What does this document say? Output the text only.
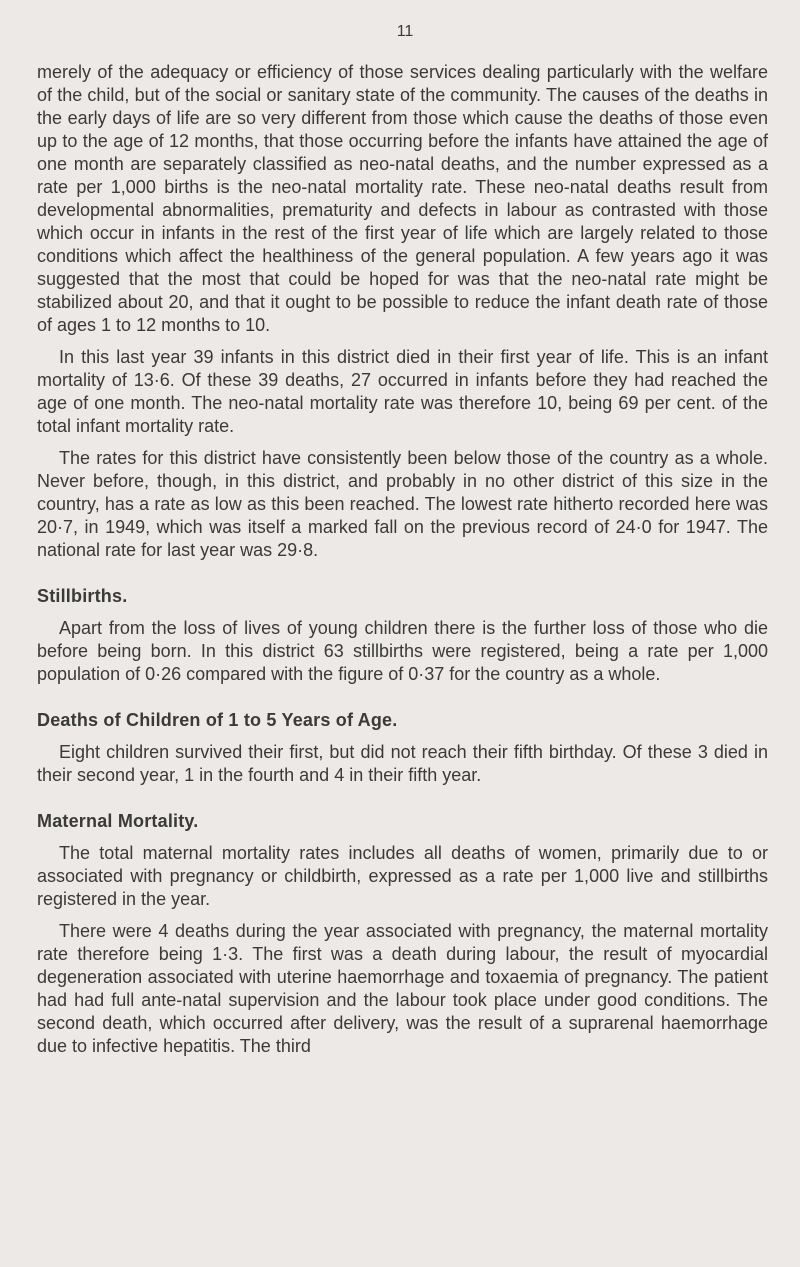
11

merely of the adequacy or efficiency of those services dealing particularly with the welfare of the child, but of the social or sanitary state of the community. The causes of the deaths in the early days of life are so very different from those which cause the deaths of those even up to the age of 12 months, that those occurring before the infants have attained the age of one month are separately classified as neo-natal deaths, and the number expressed as a rate per 1,000 births is the neo-natal mortality rate. These neo-natal deaths result from developmental abnormalities, prematurity and defects in labour as contrasted with those which occur in infants in the rest of the first year of life which are largely related to those conditions which affect the healthiness of the general population. A few years ago it was suggested that the most that could be hoped for was that the neo-natal rate might be stabilized about 20, and that it ought to be possible to reduce the infant death rate of those of ages 1 to 12 months to 10.

In this last year 39 infants in this district died in their first year of life. This is an infant mortality of 13·6. Of these 39 deaths, 27 occurred in infants before they had reached the age of one month. The neo-natal mortality rate was therefore 10, being 69 per cent. of the total infant mortality rate.

The rates for this district have consistently been below those of the country as a whole. Never before, though, in this district, and probably in no other district of this size in the country, has a rate as low as this been reached. The lowest rate hitherto recorded here was 20·7, in 1949, which was itself a marked fall on the previous record of 24·0 for 1947. The national rate for last year was 29·8.

Stillbirths.

Apart from the loss of lives of young children there is the further loss of those who die before being born. In this district 63 stillbirths were registered, being a rate per 1,000 population of 0·26 compared with the figure of 0·37 for the country as a whole.

Deaths of Children of 1 to 5 Years of Age.

Eight children survived their first, but did not reach their fifth birthday. Of these 3 died in their second year, 1 in the fourth and 4 in their fifth year.

Maternal Mortality.

The total maternal mortality rates includes all deaths of women, primarily due to or associated with pregnancy or childbirth, expressed as a rate per 1,000 live and stillbirths registered in the year.

There were 4 deaths during the year associated with pregnancy, the maternal mortality rate therefore being 1·3. The first was a death during labour, the result of myocardial degeneration associated with uterine haemorrhage and toxaemia of pregnancy. The patient had had full ante-natal supervision and the labour took place under good conditions. The second death, which occurred after delivery, was the result of a suprarenal haemorrhage due to infective hepatitis. The third
